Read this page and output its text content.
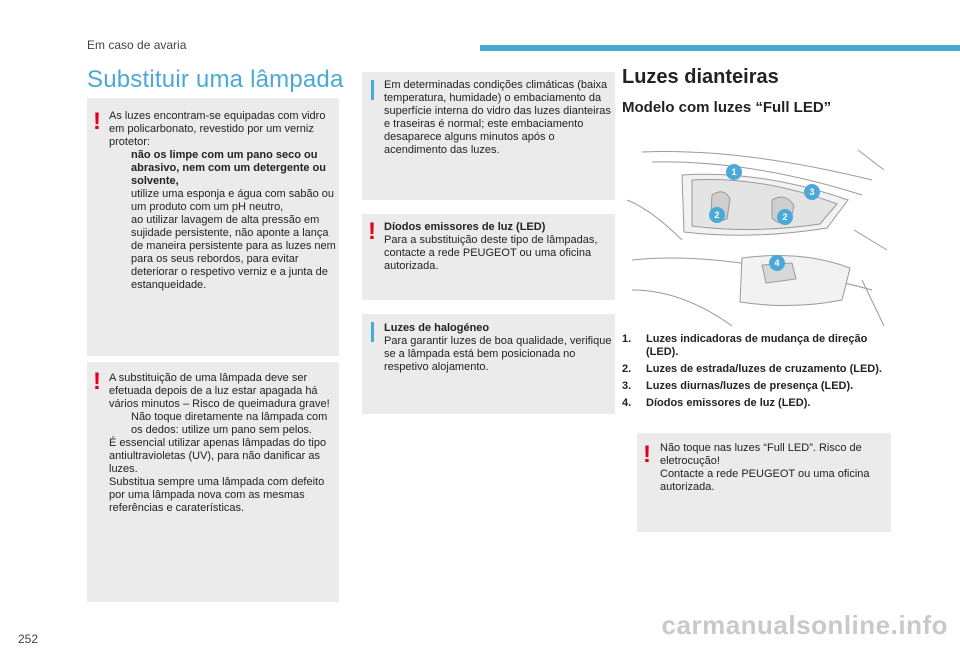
Em caso de avaria
Substituir uma lâmpada
! As luzes encontram-se equipadas com vidro em policarbonato, revestido por um verniz protetor:

não os limpe com um pano seco ou abrasivo, nem com um detergente ou solvente,
utilize uma esponja e água com sabão ou um produto com um pH neutro,
ao utilizar lavagem de alta pressão em sujidade persistente, não aponte a lança de maneira persistente para as luzes nem para os seus rebordos, para evitar deteriorar o respetivo verniz e a junta de estanqueidade.
! A substituição de uma lâmpada deve ser efetuada depois de a luz estar apagada há vários minutos – Risco de queimadura grave!

Não toque diretamente na lâmpada com os dedos: utilize um pano sem pelos.

É essencial utilizar apenas lâmpadas do tipo antiultravioletas (UV), para não danificar as luzes.

Substitua sempre uma lâmpada com defeito por uma lâmpada nova com as mesmas referências e caraterísticas.

Em determinadas condições climáticas (baixa temperatura, humidade) o embaciamento da superfície interna do vidro das luzes dianteiras e traseiras é normal; este embaciamento desaparece alguns minutos após o acendimento das luzes.

! Díodos emissores de luz (LED)

Para a substituição deste tipo de lâmpadas, contacte a rede PEUGEOT ou uma oficina autorizada.

Luzes de halogéneo

Para garantir luzes de boa qualidade, verifique se a lâmpada está bem posicionada no respetivo alojamento.

Luzes dianteiras
Modelo com luzes “Full LED”
1
2
3
2
4
1.	Luzes indicadoras de mudança de direção (LED).
2.	Luzes de estrada/luzes de cruzamento (LED).
3.	Luzes diurnas/luzes de presença (LED).
4.	Díodos emissores de luz (LED).
! Não toque nas luzes “Full LED”. Risco de eletrocução!

Contacte a rede PEUGEOT ou uma oficina autorizada.

252	carmanualsonline.info
